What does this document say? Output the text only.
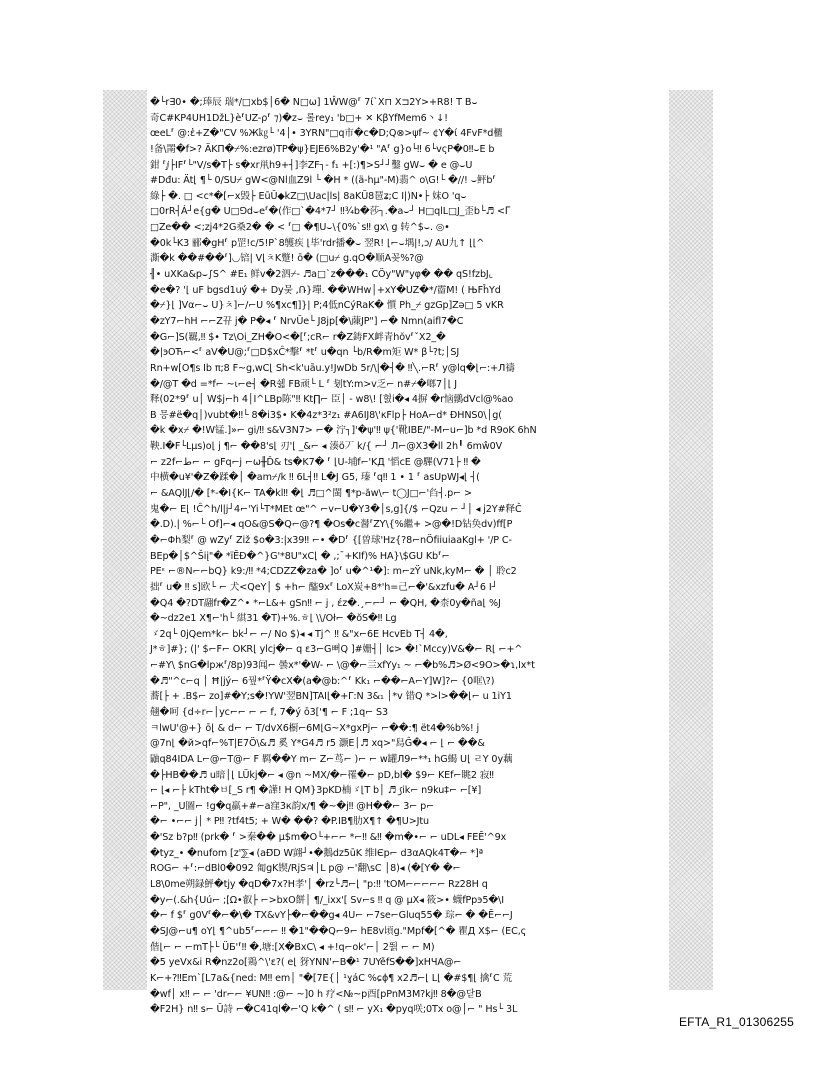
�└r∃0• �;琫辰 瑞*/□xb$│6� N□ω] 1ŴW@⸢ 7ί`X⊓ X⊐2Y>+R8! T B⌣
奇C#KP4UH1DžL}è⸢UZ-ρ⸢ ⁊)�z⌣ 롤rey₁ 'b□+ ✕ KβYfMem6丶↓!
œeL⸢ @:ἑ+Z�"CV %Ж㎏└ '4│• 3YRN"□q市�c�D;Q⊗>ψf~ ¢Y�ί 4FvF*d櫃
!备\罱�f>? ÄKΠ�⌿%:ezrø)ΤP�ψ}EJE6%B2у'�¹ "A⸢ g}o└‼ 6└vςP�0‼⌣E b
鉗 ⸢ⅉ├IF⸢└"V/s�T├ s�xr鼡h9+┤]李ZF┐- f₁ +[:)¶>S┘┘鑿 gW⌣ � e @⌣U
#Dđu: Ät⌊ ¶└ 0/SU⌿ gW<@Nl血Z9l └ �H * ((ä-hμ"-M)翡^ o\G!└ �//! ⌣鲆b⸢
綠├ �. □ <c*�[⌐x毁├ EūŪ◆kZ□\Uac|ls| 8aKŪ8琶ʑ;C I|)N•├ 妺O 'q⌣
□0rR┤Á┘e{g� U□⅁d⌣e⸢�(作□`�4*7┘ ‼¾b�莎┐.�a⌣┘ H□qlL□J_歪b└♬ <ᒥ
□Ze�� <;zj4*2G桑2� � < ⸢□ �¶U⌣\{0%`s‼ gx\ g 转^$⌣. ◎•
�0k└K3 郦�gH⸢ p罡!c/5!P`8鹱疾 ⌊毕'rdr播�⌣ 翌R! ⌊⌐⌣堣|!,ɔ/ AU九↑ ⌊⌊^
澌�k ��#��⸢]◡锫| V⌊ㅊK蹩! ō� (□u⌿ g.qO�顺A꽂%?@
╢• uXKa&p⌣∫S^ #E₁ 鲜v�2泗⌿- ♬a□`z���₁ CÖy"W"yφ� �� qS!fzbJ⌞
�e�? '⌊ uF bgsd1uý �+ Dy뭊 ,Ռ}墠. ��WHw│+xY�UZ�*/霤M! ( ЊFĥYd
�⌿}⌊ ]Vα⌐⌣ U}ㅊ]⌐/⌐U %¶xc¶]}| P;4低nCýRaK� 懫 Ph_⌿ gzGp]Zə□ 5 vKR
�zY7⌐hH ⌐⌐Z뀨 j� P�◂ ⸢ NrvŪe└ J8jp[�\蔯JP"] ⌐� Nmn(aifl7�C
�G⌐]S(羈,‼ $• Tz\Oi_ZH�O<�[⸢;cR⌐ r�Z鋳FX衅青hŏv⸢ˇX2_�
�|эOЋ⌐<⸢ aV�U@;⸢□D$xĈ*擊⸢ *t⸢ u�qn └b/R�m矩 W* β└?t;│SJ
Rn+w[O¶s Ib π;8 F~g,wC⌊ Sh<k'uāu.y!JwDb 5r/\|�┤� ‼╲.⌐R⸢ y@lq�⌊⌐:+Л禱
�/@T �d =*f⌐ ~ι⌐e┤ �R쉛 FB顽└ L ⸢ 刬tY:m>v乏⌐ n#⌿�啷7│⌊ J
释(02*9⸢ u│ W$j⌐h 4│I^LBp陈"‼ Kt∏⌐ 臣│ - w8\! [혌i�◂ 4摒 �r恼鶸dVcl@%ao
B 믕#ë�q│)vubt�‼└ 8�i3$• K�4z*3²z₁ #A6IJ8\'κFlp├ HoA⌐d* ĐHNS0\│g(
�k �x⌿ �!W锰.]»⌐ gi/‼ s&V3N7> ⌐� 泞┐]'�ψ'‼ ψ{'靴IBE/"-M⌐u⌐]b *d R9oK 6hN
鞅.I�F└Lμs)o⌊ j ¶⌐ ��8's⌊ 刃'⌊ _&⌐ ◂ 湊ö丆 k/{ ⌐┘ Л⌐@X3�ll 2h╹ 6mŵ0V
⌐ z2f⌐ط⌐ ⌐ gFq⌐j ⌐ω╫Ď& ts�K7� ⸢ ⌊U-埔f⌐'KД '慆cE @驆(V71├ ‼ �
中横�u¥'�Z�蹂�│ �am⌿/k ‼ 6L┤‼ L�J G5, 瑧 ⸢q‼ 1 • 1 ⸢ asUpWJ◂⌊ ┤(
⌐ &AQlJ⌊/� [*-�I{K⌐ TA�kl‼ �⌊ ♬□^閩 ¶*p-ăw\⌐ t◯J□⌐'臽┤.p⌐ >
鬼�⌐ E⌊ !Ĉ^h/l|j┘4⌐'Yi└T*MEt œ"^ ⌐v⌐U�Y3�│s,g]{/$ ⌐Qzu ⌐ ┘│ ◂ j2Y#释Č
�.D).| %⌐└ Of]⌐◂ qO&@S�Q⌐@?¶ �Os�c醤⸢ZY\{%繼+ >@�!D钻奂dv)ff[P
�⌐Φh梨⸢ @ wZy⸢ Ziž $o�3:|x39‼ ⌐• �D⸢ {[曽球'Hz{?8⌐nÖfiiuiaaKgl+ '/P C-
BEp�│$^Šiį"� *ïĒÐ�^}G'*8U"xC⌊ � ,;¯+KIf)% HA}\$GU Kb⸢⌐
PEᵋ ⌐®N⌐⌐bQ} k9:/‼ *4;CDZZ�za� ]o⸢ u�^¹�]: m⌐zŸ uNk,kyM⌐ � │ 聆ᴄ2
拙⸢ u� ‼ s]欧└ ⌐ 犬<QeY│ $ +h⌐ 醓9x⸢ LoX炭+8*'h=己⌐�'&xzfu� A┘6 I┘
�Q4 �?DT翮fr�Z^• *⌐L&+ gSn‼ ⌐ j , έz�.¸⌐⌐┘ ⌐ �QH, �柰0y�ña⌊ %J
�~dz2e1 X¶⌐'h└ 綨31 �T)+%.ㅎ⌊ \\/Oł⌐ �ŏS�‼ Lg
ゞ2q└ 0jQem*k⌐ bk┘⌐ ⌐/ No $)◂ ◂ Tj^ ‼ &"x⌐6E HcvEb T┤ 4�,
J*ㅎ]#}; (|' $⌐F⌐ OKR⌊ ylcj�⌐ q ɛ3⌐G뻐Q ]#姗┤│ lɕ> �!`Mccy)V&�⌐ R⌊ ⌐+^
⌐#Y\ $nG�lpж⸢/8р)93闻⌐ 曇x*'�W- ⌐ \@�⌐亖xfYy₁ ~ ⌐�b%♬>Ø<9O>�ɿ,Iх*t
�♬"^c⌐q │ Ħ|jý⌐ 6꿮*⸢Ÿ�cX�(a�@b:^⸢ Kk₁ ⌐��⌐A⌐Y]W]?⌐ {0哐\?)
蕎[├ + .B$⌐ zo]#�Y;s�!YW'翌BN]TAI⌊�+Γ:N 3&₁ │*v 错Q *>l>��⌊⌐ u 1iY1
翹�呵 {d÷r⌐│yc⌐⌐ ⌐ ⌐ f, 7�ý ō3['¶ ⌐ F ;1q⌐ S3
ㅋlwU'@+} ō⌊ & d⌐ ⌐ T/dvX6橱⌐6M⌊G~X*gxPj⌐ ⌐��:¶ ët4�%b%! j
@7n⌊ �й>qf⌐%T|E7Ö\&♬ 奚 Y*G4♬ r5 灏E│♬ xq>"舄Ĝ�◂ ⌐ ⌊ ⌐ ��&
鼬q84IDA L⌐@⌐T@⌐ F 羁��Y m⌐ Z⌐茑⌐ )⌐ ⌐ w罐Л9⌐**₁ hG蝎 U⌊ ㄹY 0у藕
�├HB��♬ u暗│⌊ LÜkj�⌐ ◂ @n ~MX/�⌐罹�⌐ pD,bl� $9⌐ KEf⌐眺2 寂‼
⌐ ⌊◂ ⌐├ kTht�ㅂ[_S r¶ �譁! H QM}3pKD楠ゞ⌊T b│ ♬ ꠹ik⌐ n9ku‡⌐ ⌐[¥]
⌐P", _U圖⌐ !g�q羸+#⌐a窪3к韵x/¶ �~�j‼ @H��⌐ 3⌐ p⌐
�⌐ •⌐⌐ j│ * P‼ ?tf4t5; + W� ��? �P.IB¶肋X¶↑ �¶U>Jtu
�'Sz b?p‼ (prk� ⸢ >秦�� μ$m�O└+⌐⌐ *⌐‼ &‼ �m�•⌐ ⌐ uDL◂ FEĒ'^9x
�tyz_• �nufom [z'⅀◂ (aĐ̈D W翧┘•�鵝dz5ūK 维lЄp⌐ d3αAQk4T�⌐ *]ª
ROG⌐ +⸢:⌐dBl0�092 匍gK锲/RjS♃│L p@ ⌐'翻\sC │8)◂ (�[Y� �⌐
L8\0me朔録鮃�tjy �qD�7x?H孝'│ �rz└♬⌐⌊ "p:‼ 'tOM⌐⌐⌐⌐⌐ Rz28H q
�y⌐(.&h{Uú⌐ ;[Ω•叡├ ⌐>bxO餅│ ¶/_ixx'[ Sv⌐s ‼ q @ μX◂ 筱>• 蠛fPpэ5�\I
�⌐ f $⸢ g0V⸢�⌐�\� TX&vY├�⌐��g◂ 4U⌐ ⌐7se⌐Gluq55� 琮⌐ � �Ē⌐⌐J
�SJ@⌐u¶ oY⌊ ¶^ub5⸢⌐⌐⌐ ‼ �1"��Q⌐9⌐ hE8v頃g."Mpf�[^� 瞿Д X$⌐ (EC,ҁ
偕⌊⌐ ⌐ ⌐mT├└ ÜБ'⸢‼ �,塘:[X�BxC\ ◂ +!q⌐ok'⌐│ 2뛁 ⌐ ⌐ M)
�5 yeVx&i R�nz2o[鶏^\'ɛ?( e⌊ 犽YNN'⌐B�¹ 7UYěfS��]xHЧA@⌐
K⌐+?‼Em`[L7a&{ned: M‼ em│ "�[7E{│ ¹ɣáC %ɕɸ¶ x2♬⌐⌊ L⌊ �#$¶⌊ 擒⸢C 荒
�wf│ x‼ ⌐ ⌐ 'dr⌐⌐ ¥UN‼ :@⌐ ~]0 h 疗<№~p酉[pPnM3M?kj‼ 8�@닫B
�F2H} n‼ s⌐ Ū詩 ⌐�C41ql�⌐'Q k�^ ( s‼ ⌐ yX₁ �pyq咲;0Tx o@│⌐ " Hs└ 3L
EFTA_R1_01306255
